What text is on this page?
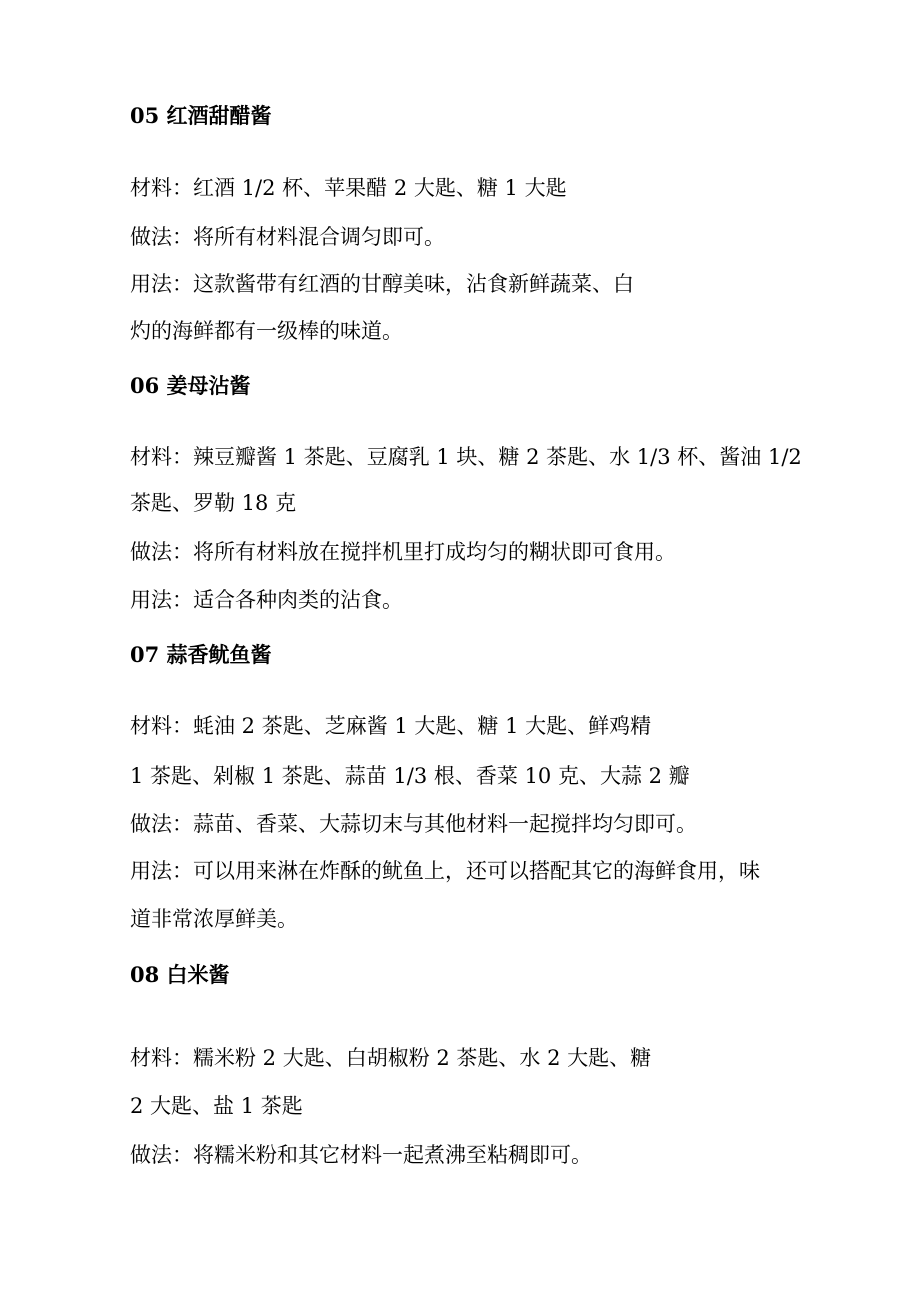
05 红酒甜醋酱
材料：红酒 1/2 杯、苹果醋 2 大匙、糖 1 大匙
做法：将所有材料混合调匀即可。
用法：这款酱带有红酒的甘醇美味，沾食新鲜蔬菜、白
灼的海鲜都有一级棒的味道。
06 姜母沾酱
材料：辣豆瓣酱 1 茶匙、豆腐乳 1 块、糖 2 茶匙、水 1/3 杯、酱油 1/2
茶匙、罗勒 18 克
做法：将所有材料放在搅拌机里打成均匀的糊状即可食用。
用法：适合各种肉类的沾食。
07 蒜香鱿鱼酱
材料：蚝油 2 茶匙、芝麻酱 1 大匙、糖 1 大匙、鲜鸡精
1 茶匙、剁椒 1 茶匙、蒜苗 1/3 根、香菜 10 克、大蒜 2 瓣
做法：蒜苗、香菜、大蒜切末与其他材料一起搅拌均匀即可。
用法：可以用来淋在炸酥的鱿鱼上，还可以搭配其它的海鲜食用，味
道非常浓厚鲜美。
08 白米酱
材料：糯米粉 2 大匙、白胡椒粉 2 茶匙、水 2 大匙、糖
2 大匙、盐 1 茶匙
做法：将糯米粉和其它材料一起煮沸至粘稠即可。
